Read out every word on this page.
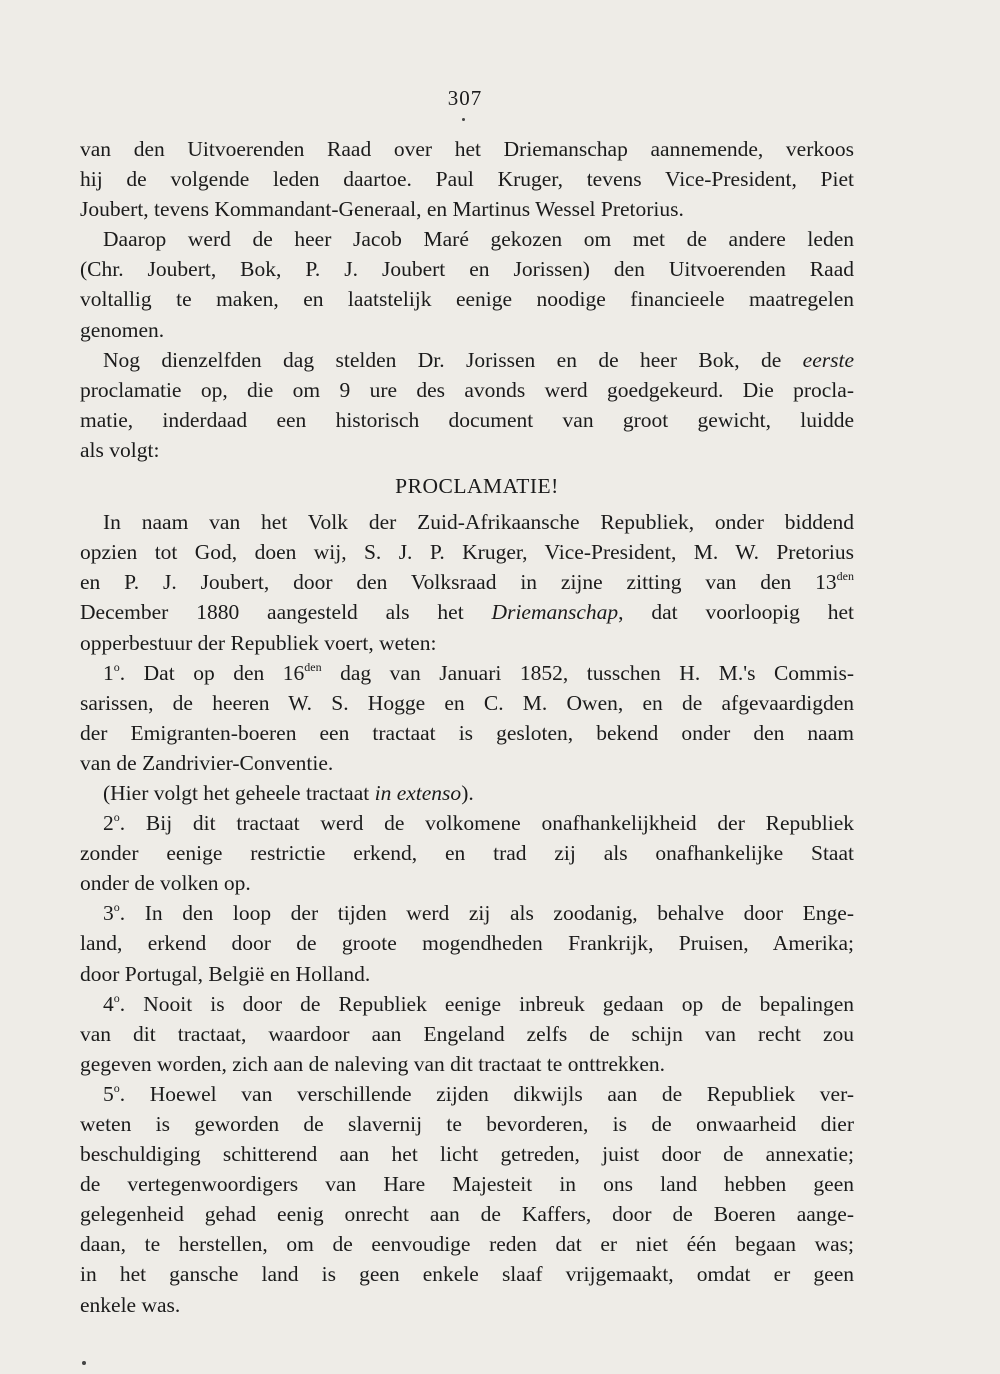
307
van den Uitvoerenden Raad over het Driemanschap aannemende, verkoos
hij de volgende leden daartoe. Paul Kruger, tevens Vice-President, Piet
Joubert, tevens Kommandant-Generaal, en Martinus Wessel Pretorius.
Daarop werd de heer Jacob Maré gekozen om met de andere leden
(Chr. Joubert, Bok, P. J. Joubert en Jorissen) den Uitvoerenden Raad
voltallig te maken, en laatstelijk eenige noodige financieele maatregelen
genomen.
Nog dienzelfden dag stelden Dr. Jorissen en de heer Bok, de eerste
proclamatie op, die om 9 ure des avonds werd goedgekeurd. Die procla-
matie, inderdaad een historisch document van groot gewicht, luidde
als volgt:
PROCLAMATIE!
In naam van het Volk der Zuid-Afrikaansche Republiek, onder biddend
opzien tot God, doen wij, S. J. P. Kruger, Vice-President, M. W. Pretorius
en P. J. Joubert, door den Volksraad in zijne zitting van den $13^{den}$
December 1880 aangesteld als het Driemanschap, dat voorloopig het
opperbestuur der Republiek voert, weten:
1$^o$. Dat op den $16^{den}$ dag van Januari 1852, tusschen H. M.'s Commis-
sarissen, de heeren W. S. Hogge en C. M. Owen, en de afgevaardigden
der Emigranten-boeren een tractaat is gesloten, bekend onder den naam
van de Zandrivier-Conventie.
(Hier volgt het geheele tractaat in extenso).
2$^o$. Bij dit tractaat werd de volkomene onafhankelijkheid der Republiek
zonder eenige restrictie erkend, en trad zij als onafhankelijke Staat
onder de volken op.
3$^o$. In den loop der tijden werd zij als zoodanig, behalve door Enge-
land, erkend door de groote mogendheden Frankrijk, Pruisen, Amerika;
door Portugal, België en Holland.
4$^o$. Nooit is door de Republiek eenige inbreuk gedaan op de bepalingen
van dit tractaat, waardoor aan Engeland zelfs de schijn van recht zou
gegeven worden, zich aan de naleving van dit tractaat te onttrekken.
5$^o$. Hoewel van verschillende zijden dikwijls aan de Republiek ver-
weten is geworden de slavernij te bevorderen, is de onwaarheid dier
beschuldiging schitterend aan het licht getreden, juist door de annexatie;
de vertegenwoordigers van Hare Majesteit in ons land hebben geen
gelegenheid gehad eenig onrecht aan de Kaffers, door de Boeren aange-
daan, te herstellen, om de eenvoudige reden dat er niet één begaan was;
in het gansche land is geen enkele slaaf vrijgemaakt, omdat er geen
enkele was.
